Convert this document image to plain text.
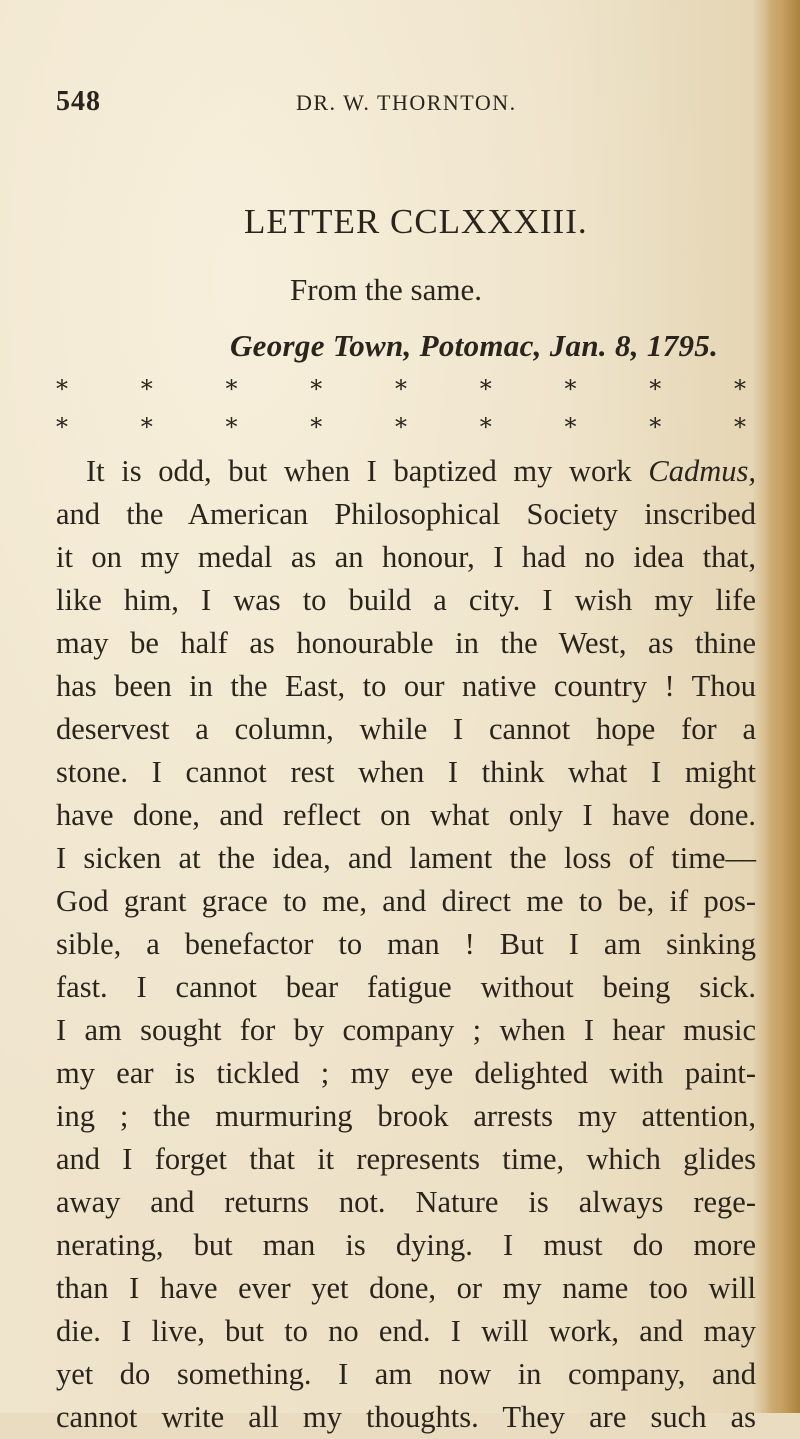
548	DR. W. THORNTON.
LETTER CCLXXXIII.
From the same.
George Town, Potomac, Jan. 8, 1795.
*	*	*	*	*	*	*	*	*
*	*	*	*	*	*	*	*	*
It is odd, but when I baptized my work Cadmus,
and the American Philosophical Society inscribed
it on my medal as an honour, I had no idea that,
like him, I was to build a city. I wish my life
may be half as honourable in the West, as thine
has been in the East, to our native country ! Thou
deservest a column, while I cannot hope for a
stone. I cannot rest when I think what I might
have done, and reflect on what only I have done.
I sicken at the idea, and lament the loss of time—
God grant grace to me, and direct me to be, if pos-
sible, a benefactor to man ! But I am sinking
fast. I cannot bear fatigue without being sick.
I am sought for by company ; when I hear music
my ear is tickled ; my eye delighted with paint-
ing ; the murmuring brook arrests my attention,
and I forget that it represents time, which glides
away and returns not. Nature is always rege-
nerating, but man is dying. I must do more
than I have ever yet done, or my name too will
die. I live, but to no end. I will work, and may
yet do something. I am now in company, and
cannot write all my thoughts. They are such as
